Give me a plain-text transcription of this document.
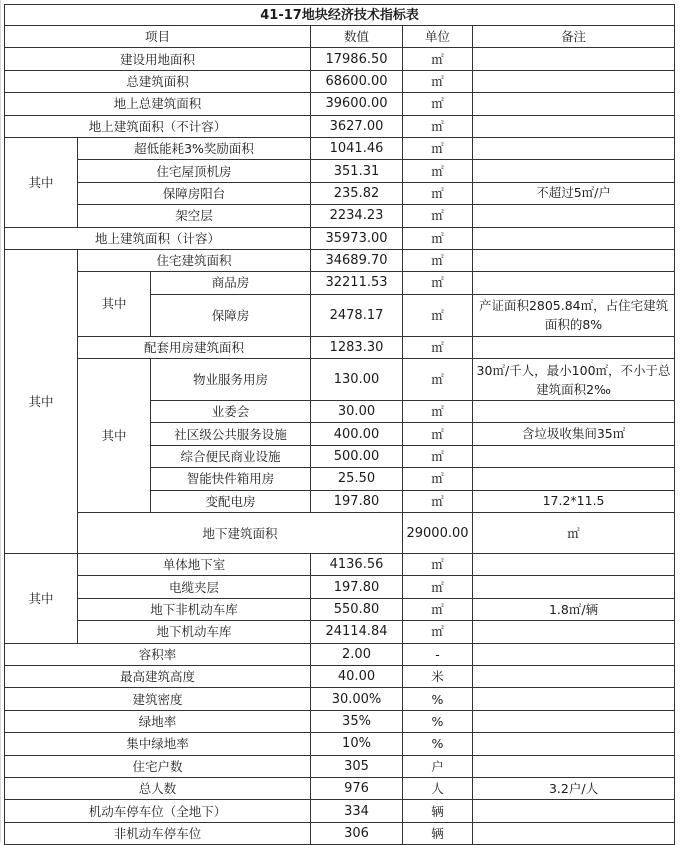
41-17地块经济技术指标表						
项目			数值	单位	备注	
建设用地面积			17986.50	㎡		
总建筑面积			68600.00	㎡		
地上总建筑面积			39600.00	㎡		
地上建筑面积（不计容）			3627.00	㎡		
其中	超低能耗3%奖励面积		1041.46	㎡		
	住宅屋顶机房		351.31	㎡		
	保障房阳台		235.82	㎡	不超过5㎡/户	
	架空层		2234.23	㎡		
地上建筑面积（计容）			35973.00	㎡		
其中	住宅建筑面积		34689.70	㎡		
	其中	商品房	32211.53	㎡		
		保障房	2478.17	㎡	产证面积2805.84㎡，占住宅建筑面积的8%	
	配套用房建筑面积		1283.30	㎡		
	其中	物业服务用房	130.00	㎡	30㎡/千人，最小100㎡，不小于总建筑面积2‰	
		业委会	30.00	㎡		
		社区级公共服务设施	400.00	㎡	含垃圾收集间35㎡	
		综合便民商业设施	500.00	㎡		
		智能快件箱用房	25.50	㎡		
		变配电房	197.80	㎡	17.2*11.5	
	地下建筑面积			29000.00	㎡	
其中	单体地下室		4136.56	㎡		
	电缆夹层		197.80	㎡		
	地下非机动车库		550.80	㎡	1.8㎡/辆	
	地下机动车库		24114.84	㎡		
容积率			2.00	-		
最高建筑高度			40.00	米		
建筑密度			30.00%	%		
绿地率			35%	%		
集中绿地率			10%	%		
住宅户数			305	户		
总人数			976	人	3.2户/人	
机动车停车位（全地下）			334	辆		
非机动车停车位			306	辆		
